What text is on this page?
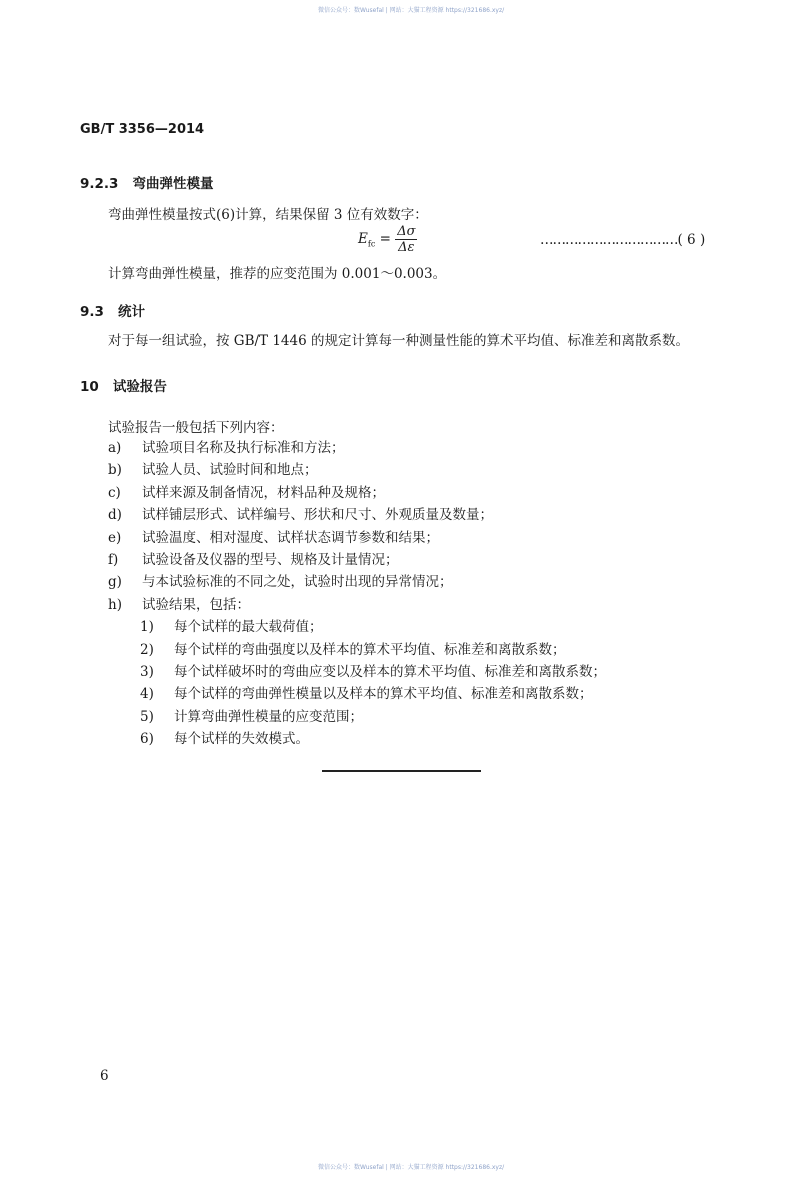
微信公众号：数Wusefal | 网站：大猫工程资源 https://321686.xyz/
GB/T 3356—2014
9.2.3 弯曲弹性模量
弯曲弹性模量按式(6)计算，结果保留 3 位有效数字：
$E_{fc} = \frac{\Delta\sigma}{\Delta\varepsilon}$	……………………………( 6 )
计算弯曲弹性模量，推荐的应变范围为 0.001～0.003。
9.3 统计
对于每一组试验，按 GB/T 1446 的规定计算每一种测量性能的算术平均值、标准差和离散系数。
10 试验报告
试验报告一般包括下列内容：
a) 试验项目名称及执行标准和方法；
b) 试验人员、试验时间和地点；
c) 试样来源及制备情况，材料品种及规格；
d) 试样铺层形式、试样编号、形状和尺寸、外观质量及数量；
e) 试验温度、相对湿度、试样状态调节参数和结果；
f) 试验设备及仪器的型号、规格及计量情况；
g) 与本试验标准的不同之处，试验时出现的异常情况；
h) 试验结果，包括：
1) 每个试样的最大载荷值；
2) 每个试样的弯曲强度以及样本的算术平均值、标准差和离散系数；
3) 每个试样破坏时的弯曲应变以及样本的算术平均值、标准差和离散系数；
4) 每个试样的弯曲弹性模量以及样本的算术平均值、标准差和离散系数；
5) 计算弯曲弹性模量的应变范围；
6) 每个试样的失效模式。
6
微信公众号：数Wusefal | 网站：大猫工程资源 https://321686.xyz/
